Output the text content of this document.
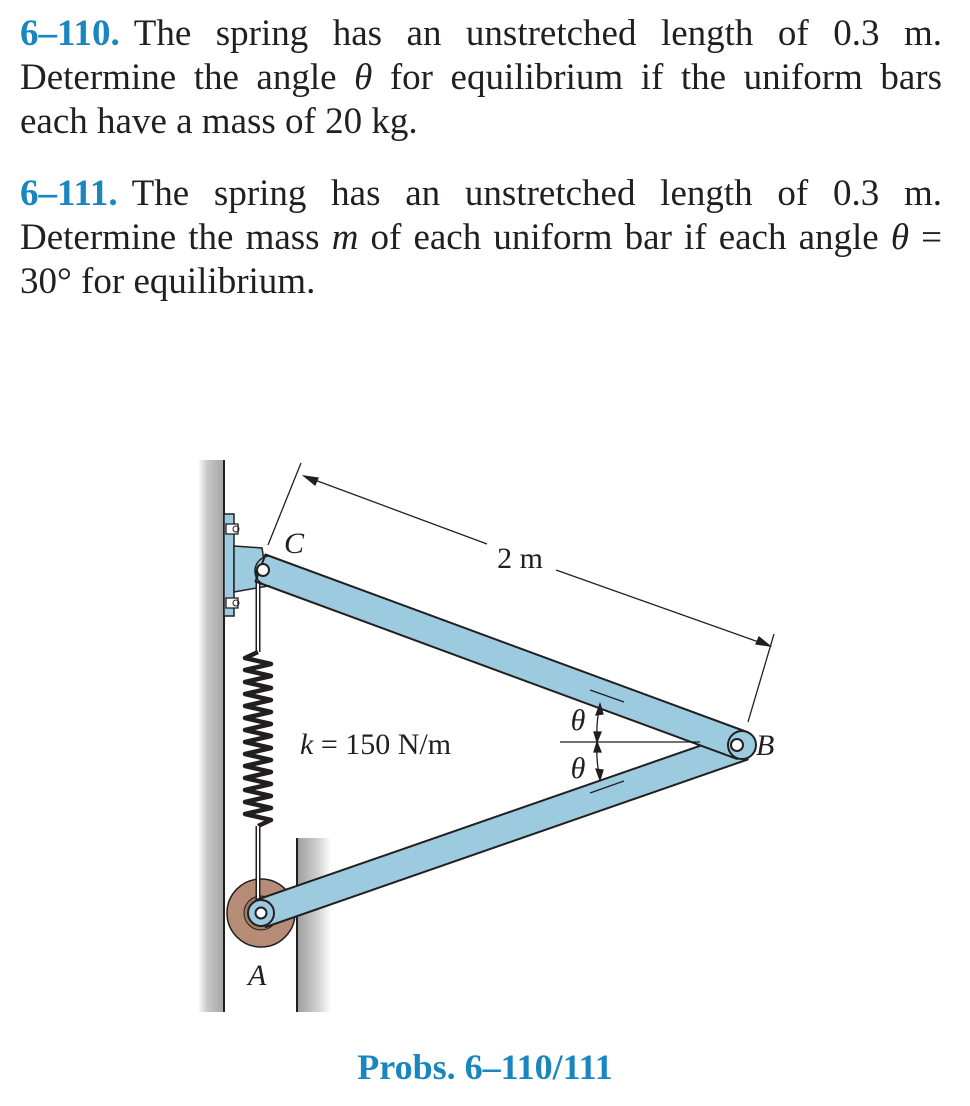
6–110. The spring has an unstretched length of 0.3 m. Determine the angle θ for equilibrium if the uniform bars each have a mass of 20 kg.
6–111. The spring has an unstretched length of 0.3 m. Determine the mass m of each uniform bar if each angle θ = 30° for equilibrium.
2 m
θ
θ
C
B
A
k = 150 N/m
Probs. 6–110/111
